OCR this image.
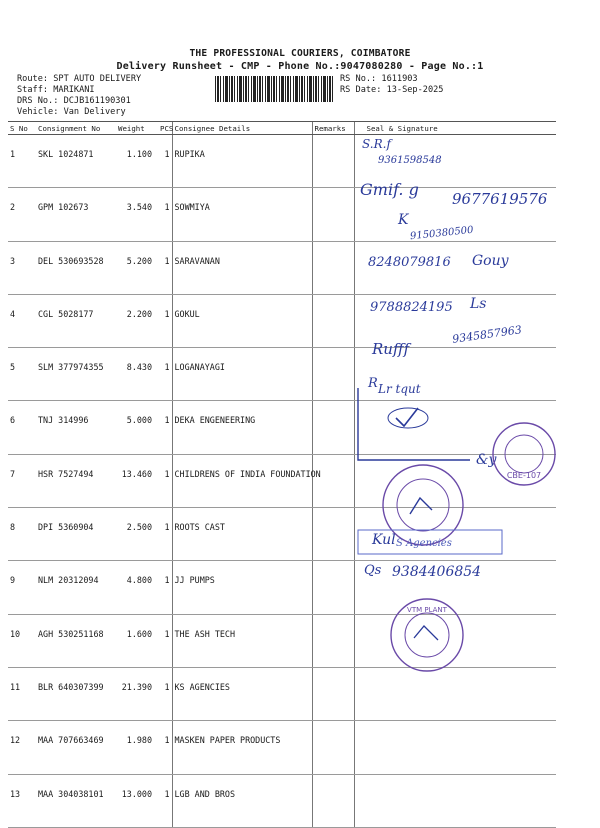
THE PROFESSIONAL COURIERS, COIMBATORE
Delivery Runsheet - CMP - Phone No.:9047080280 - Page No.:1
Route: SPT AUTO DELIVERY
Staff: MARIKANI
DRS No.: DCJB161190301
Vehicle: Van Delivery
RS No.: 1611903
RS Date: 13-Sep-2025
S No	Consignment No	Weight	PCS	Consignee Details	Remarks	Seal & Signature
1	SKL 1024871	1.100	1	RUPIKA		
2	GPM 102673	3.540	1	SOWMIYA		
3	DEL 530693528	5.200	1	SARAVANAN		
4	CGL 5028177	2.200	1	GOKUL		
5	SLM 377974355	8.430	1	LOGANAYAGI		
6	TNJ 314996	5.000	1	DEKA ENGENEERING		
7	HSR 7527494	13.460	1	CHILDRENS OF INDIA FOUNDATION		
8	DPI 5360904	2.500	1	ROOTS CAST		
9	NLM 20312094	4.800	1	JJ PUMPS		
10	AGH 530251168	1.600	1	THE ASH TECH		
11	BLR 640307399	21.390	1	KS AGENCIES		
12	MAA 707663469	1.980	1	MASKEN PAPER PRODUCTS		
13	MAA 304038101	13.000	1	LGB AND BROS		
S.R.f
9361598548
Gmif. g 9677619576
K
9150380500
8248079816 Gouy
9788824195 Ls
Rufff
9345857963
R Lr tqut
&y
CBE-107
S Agencies
Kul
Qs 9384406854
VTM PLANT
